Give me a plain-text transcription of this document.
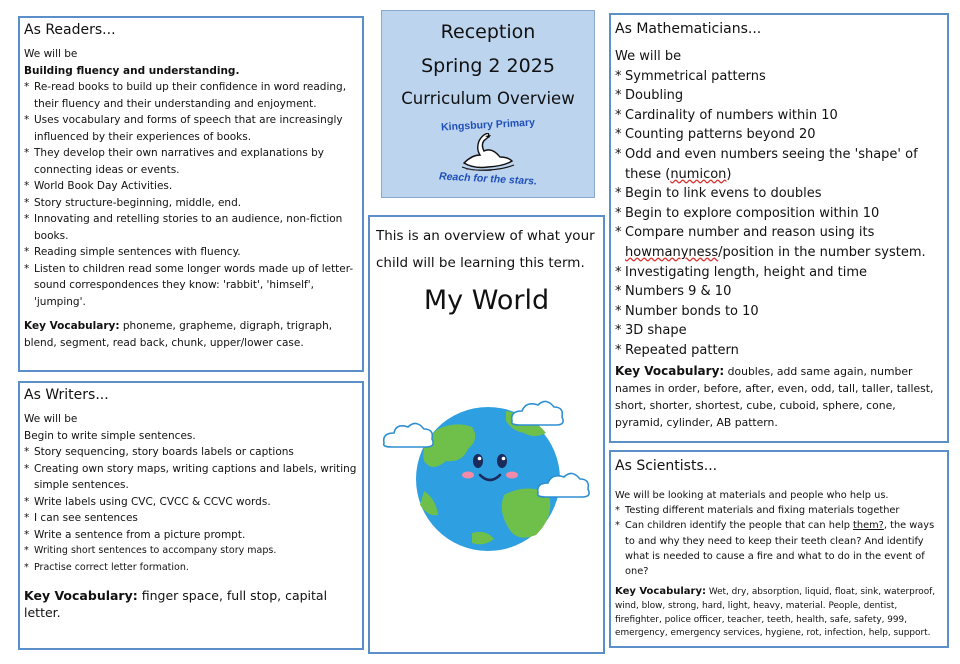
As Readers...

We will be

Building fluency and understanding.

* Re-read books to build up their confidence in word reading, their fluency and their understanding and enjoyment.
* Uses vocabulary and forms of speech that are increasingly influenced by their experiences of books.
* They develop their own narratives and explanations by connecting ideas or events.
* World Book Day Activities.
* Story structure-beginning, middle, end.
* Innovating and retelling stories to an audience, non-fiction books.
* Reading simple sentences with fluency.
* Listen to children read some longer words made up of letter-sound correspondences they know: 'rabbit', 'himself', 'jumping'.

Key Vocabulary: phoneme, grapheme, digraph, trigraph, blend, segment, read back, chunk, upper/lower case.

As Writers...

We will be

Begin to write simple sentences.

* Story sequencing, story boards labels or captions
* Creating own story maps, writing captions and labels, writing simple sentences.
* Write labels using CVC, CVCC & CCVC words.
* I can see sentences
* Write a sentence from a picture prompt.
* Writing short sentences to accompany story maps.
* Practise correct letter formation.

Key Vocabulary: finger space, full stop, capital letter.

Reception

Spring 2 2025

Curriculum Overview

Kingsbury Primary
Reach for the stars.

This is an overview of what your child will be learning this term.

My World

As Mathematicians...

We will be

* Symmetrical patterns
* Doubling
* Cardinality of numbers within 10
* Counting patterns beyond 20
* Odd and even numbers seeing the 'shape' of these (numicon)
* Begin to link evens to doubles
* Begin to explore composition within 10
* Compare number and reason using its howmanyness/position in the number system.
* Investigating length, height and time
* Numbers 9 & 10
* Number bonds to 10
* 3D shape
* Repeated pattern

Key Vocabulary: doubles, add same again, number names in order, before, after, even, odd, tall, taller, tallest, short, shorter, shortest, cube, cuboid, sphere, cone, pyramid, cylinder, AB pattern.

As Scientists...

We will be looking at materials and people who help us.

* Testing different materials and fixing materials together
* Can children identify the people that can help them?, the ways to and why they need to keep their teeth clean? And identify what is needed to cause a fire and what to do in the event of one?

Key Vocabulary: Wet, dry, absorption, liquid, float, sink, waterproof, wind, blow, strong, hard, light, heavy, material. People, dentist, firefighter, police officer, teacher, teeth, health, safe, safety, 999, emergency, emergency services, hygiene, rot, infection, help, support.
